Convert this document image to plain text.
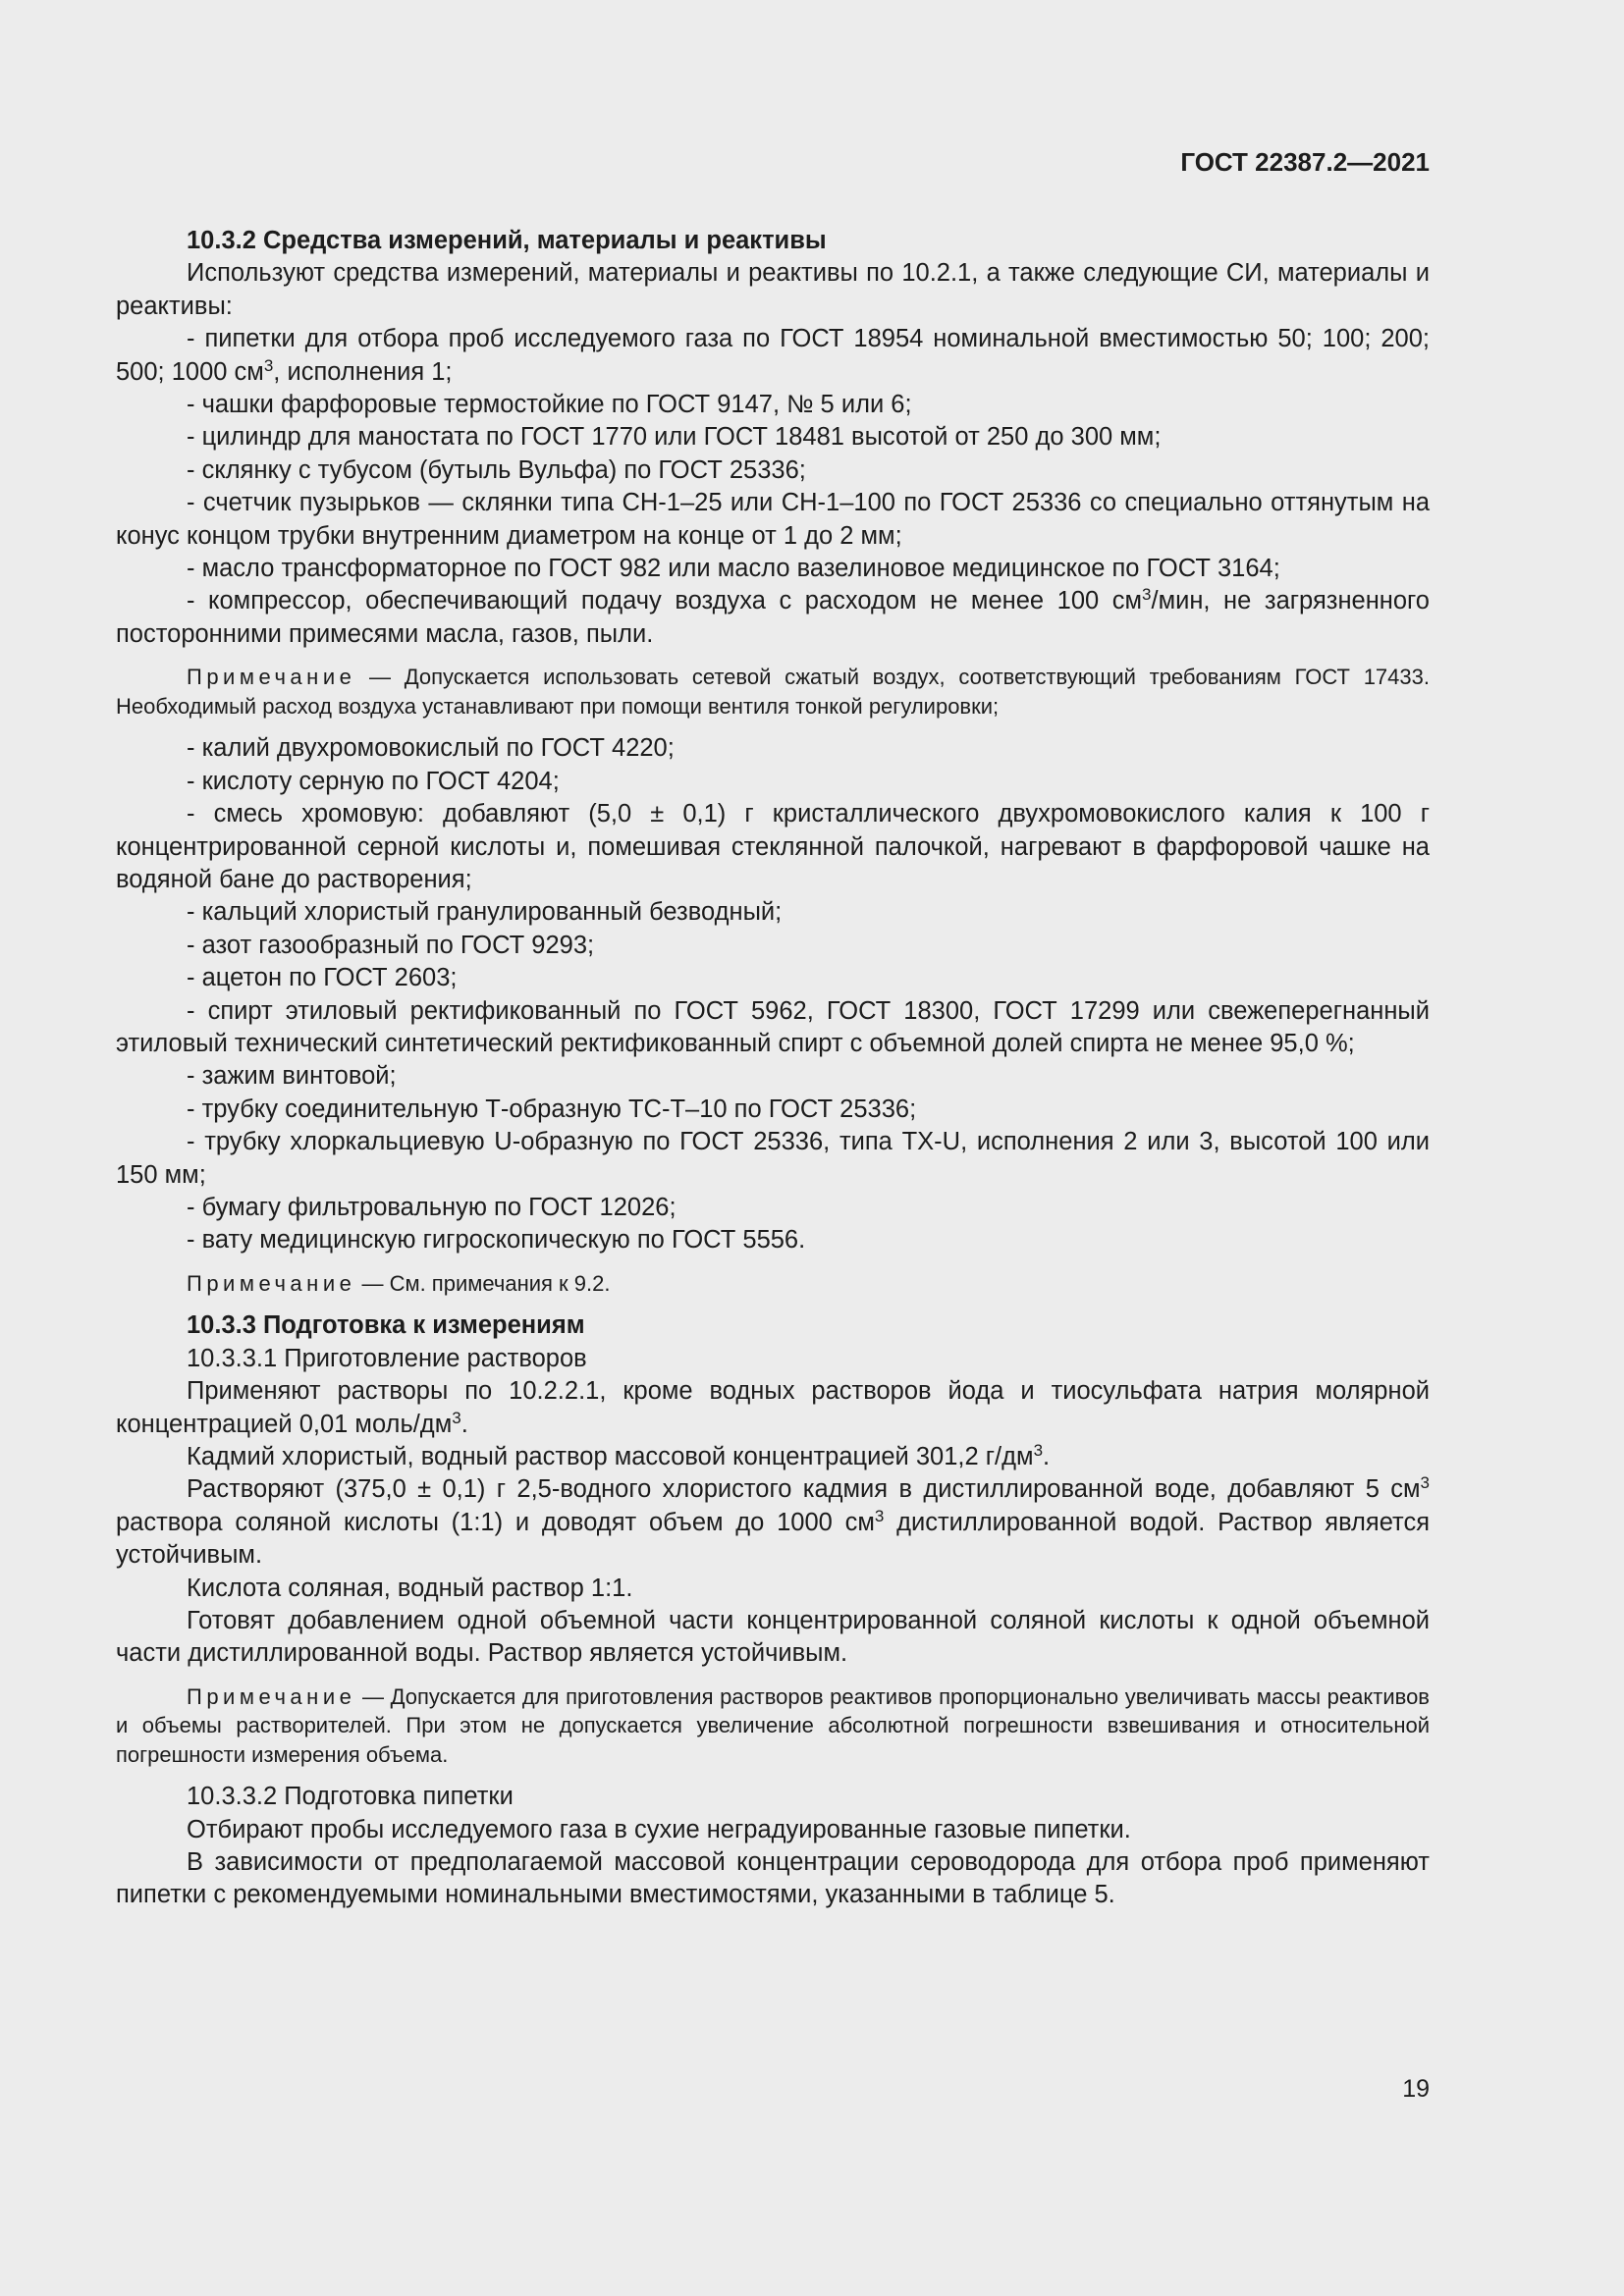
ГОСТ 22387.2—2021

10.3.2 Средства измерений, материалы и реактивы

Используют средства измерений, материалы и реактивы по 10.2.1, а также следующие СИ, материалы и реактивы:

- пипетки для отбора проб исследуемого газа по ГОСТ 18954 номинальной вместимостью 50; 100; 200; 500; 1000 $см^3$, исполнения 1;

- чашки фарфоровые термостойкие по ГОСТ 9147, № 5 или 6;

- цилиндр для маностата по ГОСТ 1770 или ГОСТ 18481 высотой от 250 до 300 мм;

- склянку с тубусом (бутыль Вульфа) по ГОСТ 25336;

- счетчик пузырьков — склянки типа СН-1–25 или СН-1–100 по ГОСТ 25336 со специально оттянутым на конус концом трубки внутренним диаметром на конце от 1 до 2 мм;

- масло трансформаторное по ГОСТ 982 или масло вазелиновое медицинское по ГОСТ 3164;

- компрессор, обеспечивающий подачу воздуха с расходом не менее 100 $см^3$/мин, не загрязненного посторонними примесями масла, газов, пыли.

Примечание — Допускается использовать сетевой сжатый воздух, соответствующий требованиям ГОСТ 17433. Необходимый расход воздуха устанавливают при помощи вентиля тонкой регулировки;

- калий двухромовокислый по ГОСТ 4220;

- кислоту серную по ГОСТ 4204;

- смесь хромовую: добавляют (5,0 ± 0,1) г кристаллического двухромовокислого калия к 100 г концентрированной серной кислоты и, помешивая стеклянной палочкой, нагревают в фарфоровой чашке на водяной бане до растворения;

- кальций хлористый гранулированный безводный;

- азот газообразный по ГОСТ 9293;

- ацетон по ГОСТ 2603;

- спирт этиловый ректификованный по ГОСТ 5962, ГОСТ 18300, ГОСТ 17299 или свежеперегнанный этиловый технический синтетический ректификованный спирт с объемной долей спирта не менее 95,0 %;

- зажим винтовой;

- трубку соединительную Т-образную ТС-Т–10 по ГОСТ 25336;

- трубку хлоркальциевую U-образную по ГОСТ 25336, типа ТХ-U, исполнения 2 или 3, высотой 100 или 150 мм;

- бумагу фильтровальную по ГОСТ 12026;

- вату медицинскую гигроскопическую по ГОСТ 5556.

Примечание — См. примечания к 9.2.

10.3.3 Подготовка к измерениям

10.3.3.1 Приготовление растворов

Применяют растворы по 10.2.2.1, кроме водных растворов йода и тиосульфата натрия молярной концентрацией 0,01 моль/$дм^3$.

Кадмий хлористый, водный раствор массовой концентрацией 301,2 $г/дм^3$.

Растворяют (375,0 ± 0,1) г 2,5-водного хлористого кадмия в дистиллированной воде, добавляют 5 $см^3$ раствора соляной кислоты (1:1) и доводят объем до 1000 $см^3$ дистиллированной водой. Раствор является устойчивым.

Кислота соляная, водный раствор 1:1.

Готовят добавлением одной объемной части концентрированной соляной кислоты к одной объемной части дистиллированной воды. Раствор является устойчивым.

Примечание — Допускается для приготовления растворов реактивов пропорционально увеличивать массы реактивов и объемы растворителей. При этом не допускается увеличение абсолютной погрешности взвешивания и относительной погрешности измерения объема.

10.3.3.2 Подготовка пипетки

Отбирают пробы исследуемого газа в сухие неградуированные газовые пипетки.

В зависимости от предполагаемой массовой концентрации сероводорода для отбора проб применяют пипетки с рекомендуемыми номинальными вместимостями, указанными в таблице 5.

19
